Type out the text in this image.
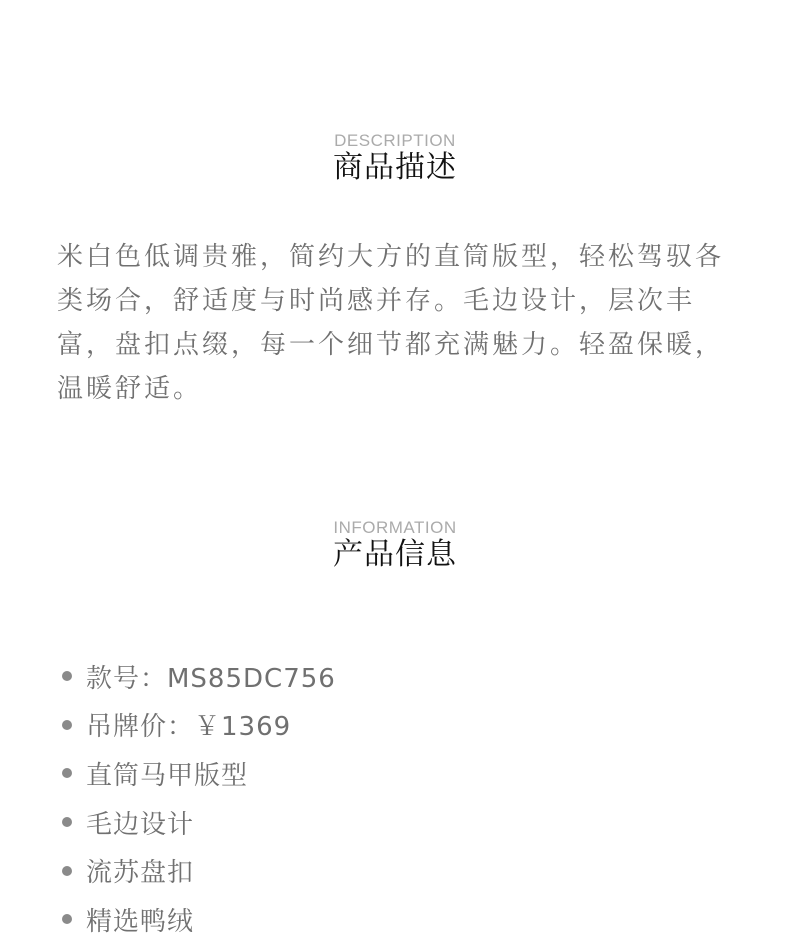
DESCRIPTION
商品描述

米白色低调贵雅，简约大方的直筒版型，轻松驾驭各类场合，舒适度与时尚感并存。毛边设计，层次丰富，盘扣点缀，每一个细节都充满魅力。轻盈保暖，温暖舒适。

INFORMATION
产品信息
款号：MS85DC756
吊牌价：￥1369
直筒马甲版型
毛边设计
流苏盘扣
精选鸭绒
